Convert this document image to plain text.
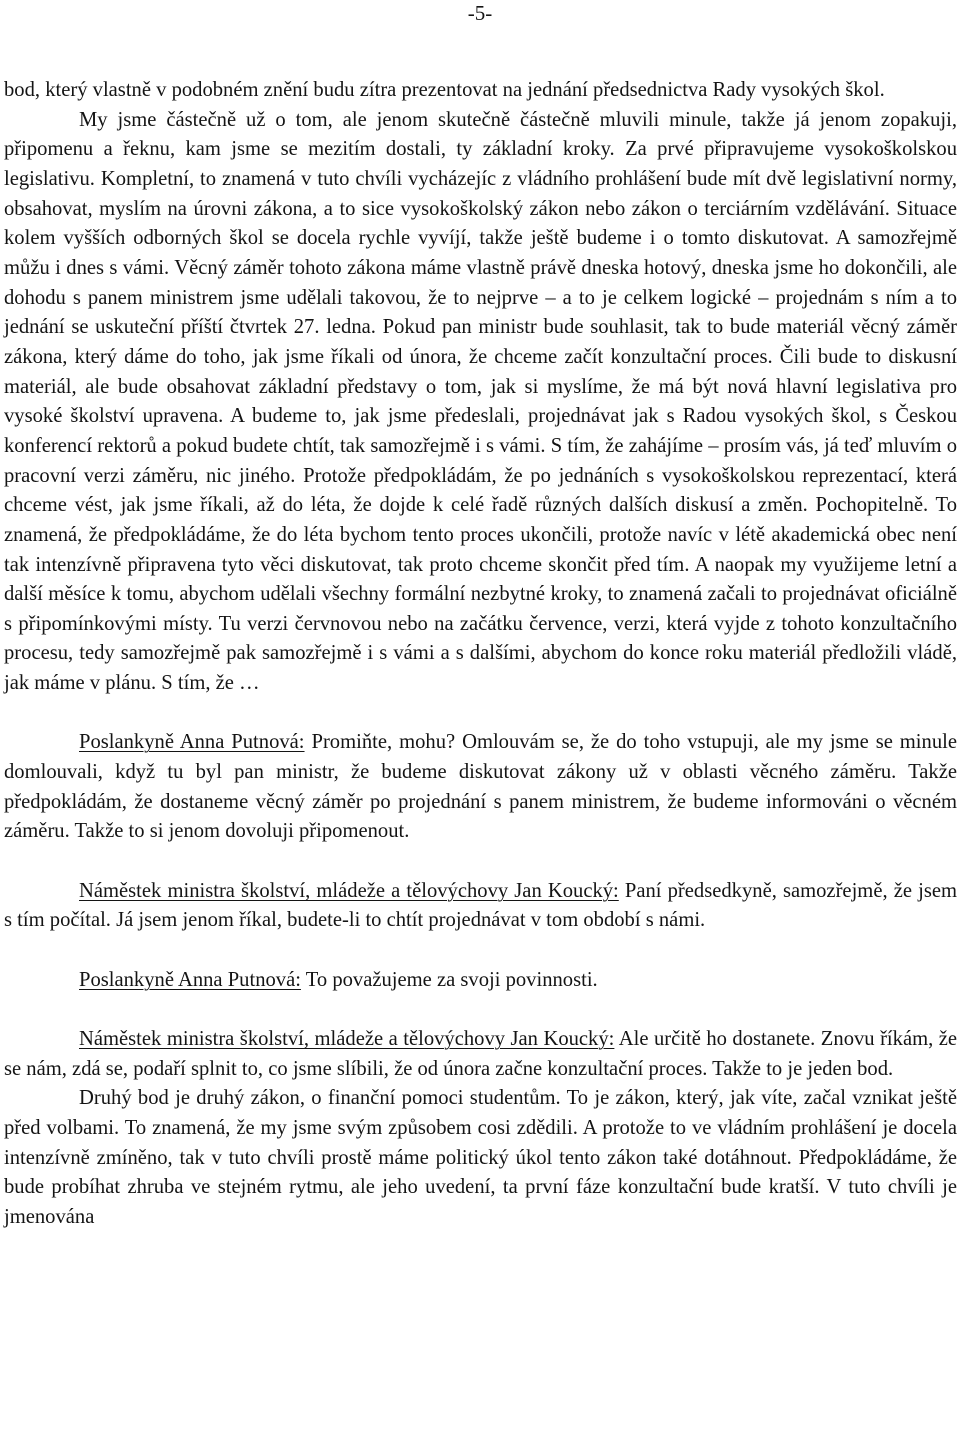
-5-

bod, který vlastně v podobném znění budu zítra prezentovat na jednání předsednictva Rady vysokých škol.

My jsme částečně už o tom, ale jenom skutečně částečně mluvili minule, takže já jenom zopakuji, připomenu a řeknu, kam jsme se mezitím dostali, ty základní kroky. Za prvé připravujeme vysokoškolskou legislativu. Kompletní, to znamená v tuto chvíli vycházejíc z vládního prohlášení bude mít dvě legislativní normy, obsahovat, myslím na úrovni zákona, a to sice vysokoškolský zákon nebo zákon o terciárním vzdělávání. Situace kolem vyšších odborných škol se docela rychle vyvíjí, takže ještě budeme i o tomto diskutovat. A samozřejmě můžu i dnes s vámi. Věcný záměr tohoto zákona máme vlastně právě dneska hotový, dneska jsme ho dokončili, ale dohodu s panem ministrem jsme udělali takovou, že to nejprve – a to je celkem logické – projednám s ním a to jednání se uskuteční příští čtvrtek 27. ledna. Pokud pan ministr bude souhlasit, tak to bude materiál věcný záměr zákona, který dáme do toho, jak jsme říkali od února, že chceme začít konzultační proces. Čili bude to diskusní materiál, ale bude obsahovat základní představy o tom, jak si myslíme, že má být nová hlavní legislativa pro vysoké školství upravena. A budeme to, jak jsme předeslali, projednávat jak s Radou vysokých škol, s Českou konferencí rektorů a pokud budete chtít, tak samozřejmě i s vámi. S tím, že zahájíme – prosím vás, já teď mluvím o pracovní verzi záměru, nic jiného. Protože předpokládám, že po jednáních s vysokoškolskou reprezentací, která chceme vést, jak jsme říkali, až do léta, že dojde k celé řadě různých dalších diskusí a změn. Pochopitelně. To znamená, že předpokládáme, že do léta bychom tento proces ukončili, protože navíc v létě akademická obec není tak intenzívně připravena tyto věci diskutovat, tak proto chceme skončit před tím. A naopak my využijeme letní a další měsíce k tomu, abychom udělali všechny formální nezbytné kroky, to znamená začali to projednávat oficiálně s připomínkovými místy. Tu verzi červnovou nebo na začátku července, verzi, která vyjde z tohoto konzultačního procesu, tedy samozřejmě pak samozřejmě i s vámi a s dalšími, abychom do konce roku materiál předložili vládě, jak máme v plánu. S tím, že …

Poslankyně Anna Putnová: Promiňte, mohu? Omlouvám se, že do toho vstupuji, ale my jsme se minule domlouvali, když tu byl pan ministr, že budeme diskutovat zákony už v oblasti věcného záměru. Takže předpokládám, že dostaneme věcný záměr po projednání s panem ministrem, že budeme informováni o věcném záměru. Takže to si jenom dovoluji připomenout.

Náměstek ministra školství, mládeže a tělovýchovy Jan Koucký: Paní předsedkyně, samozřejmě, že jsem s tím počítal. Já jsem jenom říkal, budete-li to chtít projednávat v tom období s námi.

Poslankyně Anna Putnová: To považujeme za svoji povinnosti.

Náměstek ministra školství, mládeže a tělovýchovy Jan Koucký: Ale určitě ho dostanete. Znovu říkám, že se nám, zdá se, podaří splnit to, co jsme slíbili, že od února začne konzultační proces. Takže to je jeden bod.

Druhý bod je druhý zákon, o finanční pomoci studentům. To je zákon, který, jak víte, začal vznikat ještě před volbami. To znamená, že my jsme svým způsobem cosi zdědili. A protože to ve vládním prohlášení je docela intenzívně zmíněno, tak v tuto chvíli prostě máme politický úkol tento zákon také dotáhnout. Předpokládáme, že bude probíhat zhruba ve stejném rytmu, ale jeho uvedení, ta první fáze konzultační bude kratší. V tuto chvíli je jmenována
